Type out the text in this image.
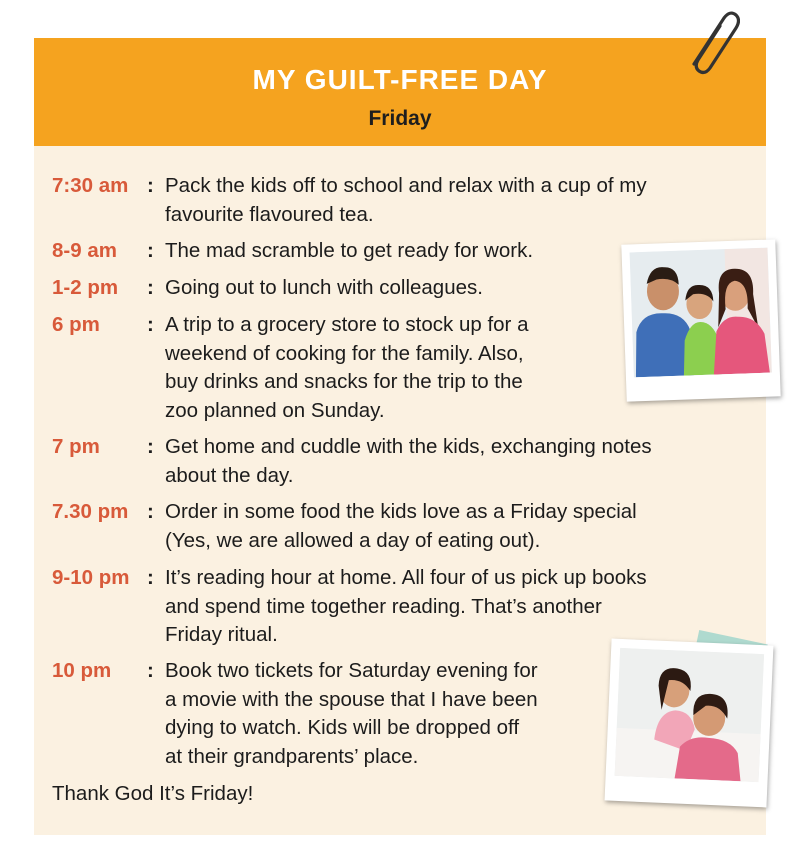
MY GUILT-FREE DAY
Friday
7:30 am : Pack the kids off to school and relax with a cup of my
favourite flavoured tea.
8-9 am	: The mad scramble to get ready for work.
1-2 pm	: Going out to lunch with colleagues.
6 pm	: A trip to a grocery store to stock up for a
weekend of cooking for the family. Also,
buy drinks and snacks for the trip to the
zoo planned on Sunday.
7 pm	: Get home and cuddle with the kids, exchanging notes
about the day.
7.30 pm : Order in some food the kids love as a Friday special
(Yes, we are allowed a day of eating out).
9-10 pm : It’s reading hour at home. All four of us pick up books
and spend time together reading. That’s another
Friday ritual.
10 pm	: Book two tickets for Saturday evening for
a movie with the spouse that I have been
dying to watch. Kids will be dropped off
at their grandparents’ place.
Thank God It’s Friday!
